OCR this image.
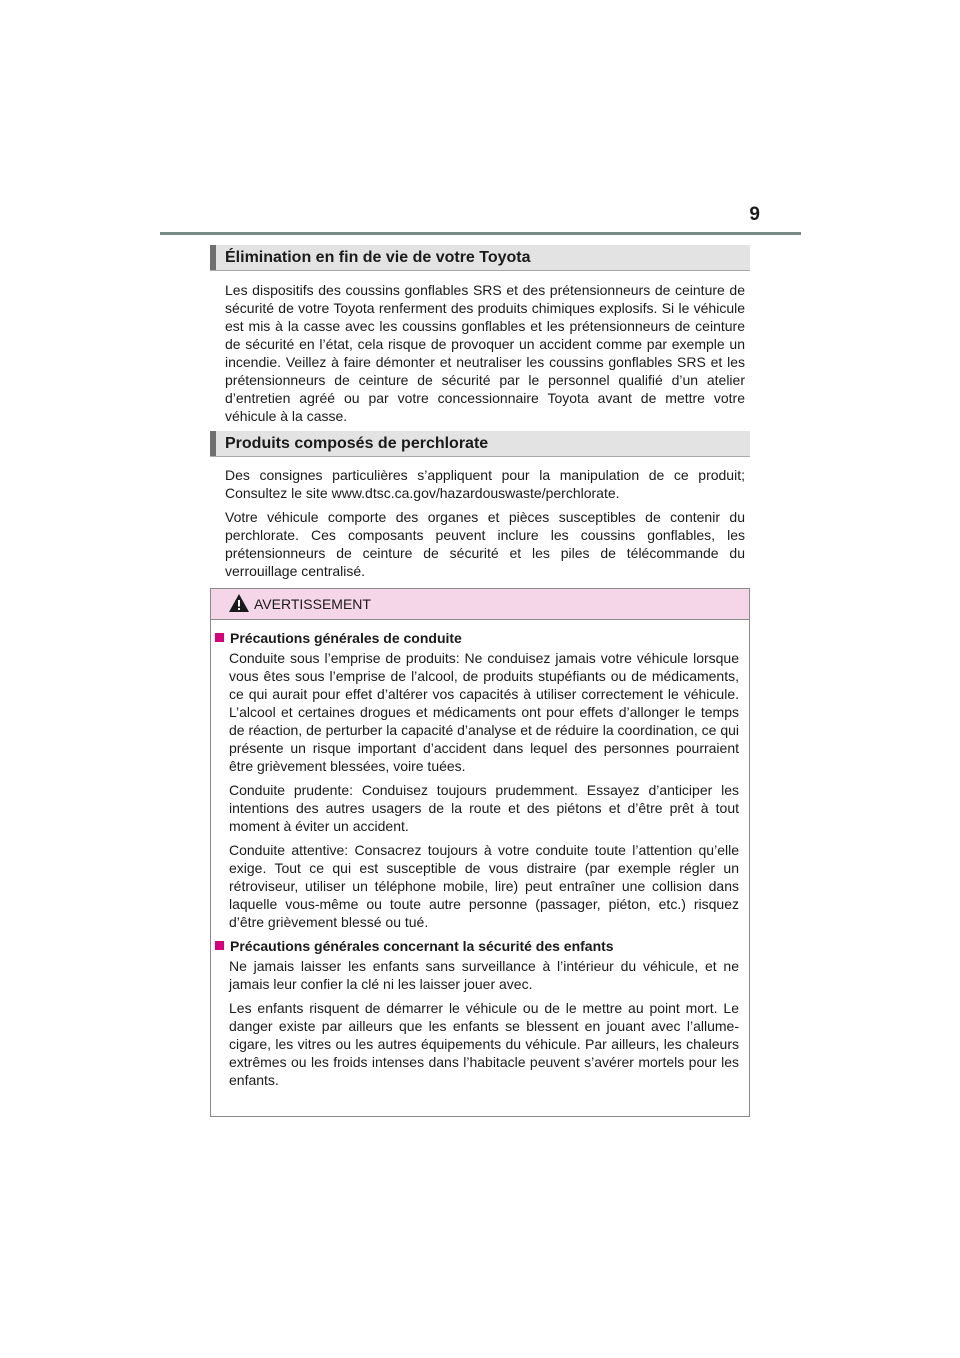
9
Élimination en fin de vie de votre Toyota

Les dispositifs des coussins gonflables SRS et des prétensionneurs de ceinture de sécurité de votre Toyota renferment des produits chimiques explosifs. Si le véhicule est mis à la casse avec les coussins gonflables et les prétensionneurs de ceinture de sécurité en l’état, cela risque de provoquer un accident comme par exemple un incendie. Veillez à faire démonter et neutraliser les coussins gonflables SRS et les prétensionneurs de ceinture de sécurité par le personnel qualifié d’un atelier d’entretien agréé ou par votre concessionnaire Toyota avant de mettre votre véhicule à la casse.

Produits composés de perchlorate

Des consignes particulières s’appliquent pour la manipulation de ce produit; Consultez le site www.dtsc.ca.gov/hazardouswaste/perchlorate.

Votre véhicule comporte des organes et pièces susceptibles de contenir du perchlorate. Ces composants peuvent inclure les coussins gonflables, les prétensionneurs de ceinture de sécurité et les piles de télécommande du verrouillage centralisé.

AVERTISSEMENT
Précautions générales de conduite

Conduite sous l’emprise de produits: Ne conduisez jamais votre véhicule lorsque vous êtes sous l’emprise de l’alcool, de produits stupéfiants ou de médicaments, ce qui aurait pour effet d’altérer vos capacités à utiliser correctement le véhicule. L’alcool et certaines drogues et médicaments ont pour effets d’allonger le temps de réaction, de perturber la capacité d’analyse et de réduire la coordination, ce qui présente un risque important d’accident dans lequel des personnes pourraient être grièvement blessées, voire tuées.

Conduite prudente: Conduisez toujours prudemment. Essayez d’anticiper les intentions des autres usagers de la route et des piétons et d’être prêt à tout moment à éviter un accident.

Conduite attentive: Consacrez toujours à votre conduite toute l’attention qu’elle exige. Tout ce qui est susceptible de vous distraire (par exemple régler un rétroviseur, utiliser un téléphone mobile, lire) peut entraîner une collision dans laquelle vous-même ou toute autre personne (passager, piéton, etc.) risquez d’être grièvement blessé ou tué.

Précautions générales concernant la sécurité des enfants

Ne jamais laisser les enfants sans surveillance à l’intérieur du véhicule, et ne jamais leur confier la clé ni les laisser jouer avec.

Les enfants risquent de démarrer le véhicule ou de le mettre au point mort. Le danger existe par ailleurs que les enfants se blessent en jouant avec l’allume-cigare, les vitres ou les autres équipements du véhicule. Par ailleurs, les chaleurs extrêmes ou les froids intenses dans l’habitacle peuvent s’avérer mortels pour les enfants.
